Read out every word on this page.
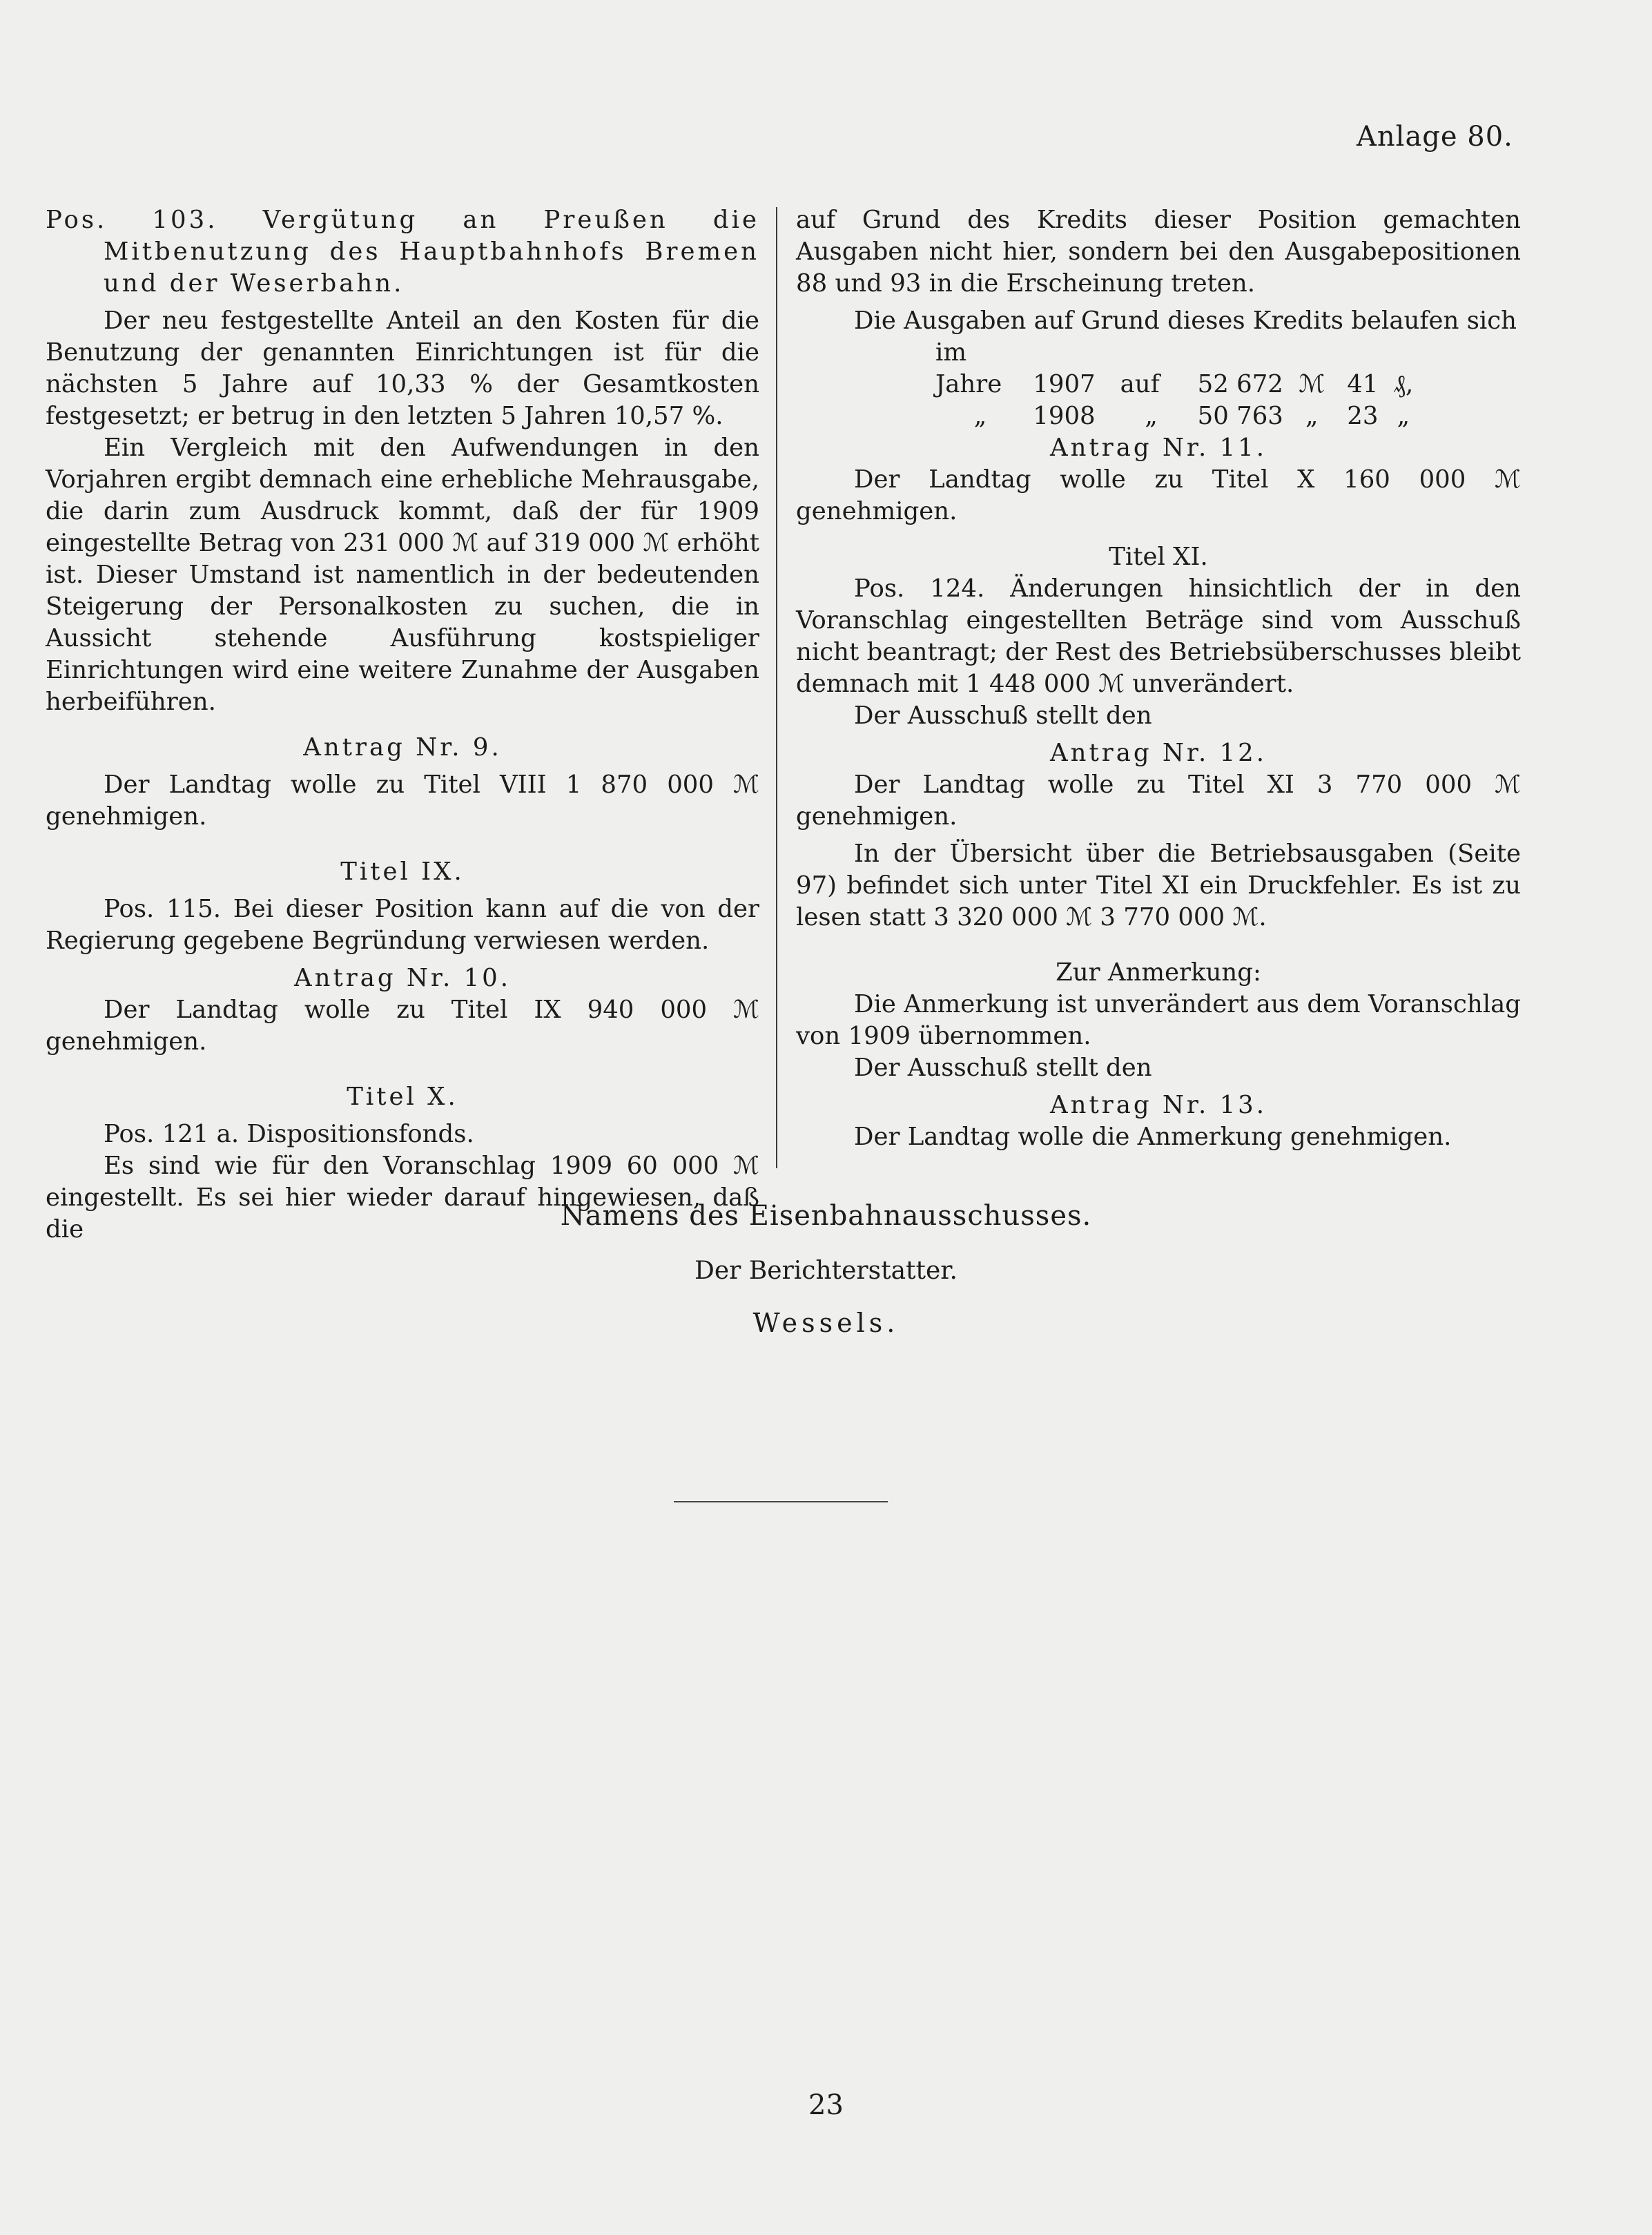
Anlage 80.

Pos. 103. Vergütung an Preußen die Mitbenutzung des Hauptbahnhofs Bremen und der Weserbahn.

Der neu festgestellte Anteil an den Kosten für die Benutzung der genannten Einrichtungen ist für die nächsten 5 Jahre auf 10,33 % der Gesamtkosten festgesetzt; er betrug in den letzten 5 Jahren 10,57 %.

Ein Vergleich mit den Aufwendungen in den Vorjahren ergibt demnach eine erhebliche Mehrausgabe, die darin zum Ausdruck kommt, daß der für 1909 eingestellte Betrag von 231 000 ℳ auf 319 000 ℳ erhöht ist. Dieser Umstand ist namentlich in der bedeutenden Steigerung der Personalkosten zu suchen, die in Aussicht stehende Ausführung kostspieliger Einrichtungen wird eine weitere Zunahme der Ausgaben herbeiführen.

Antrag Nr. 9.

Der Landtag wolle zu Titel VIII 1 870 000 ℳ genehmigen.

Titel IX.

Pos. 115. Bei dieser Position kann auf die von der Regierung gegebene Begründung verwiesen werden.

Antrag Nr. 10.

Der Landtag wolle zu Titel IX 940 000 ℳ genehmigen.

Titel X.

Pos. 121 a. Dispositionsfonds.

Es sind wie für den Voranschlag 1909 60 000 ℳ eingestellt. Es sei hier wieder darauf hingewiesen, daß die

auf Grund des Kredits dieser Position gemachten Ausgaben nicht hier, sondern bei den Ausgabepositionen 88 und 93 in die Erscheinung treten.

Die Ausgaben auf Grund dieses Kredits belaufen sich

im Jahre 1907 auf 52 672 ℳ 41 ₰,
„ 1908 „ 50 763 „ 23 „

Antrag Nr. 11.

Der Landtag wolle zu Titel X 160 000 ℳ genehmigen.

Titel XI.

Pos. 124. Änderungen hinsichtlich der in den Voranschlag eingestellten Beträge sind vom Ausschuß nicht beantragt; der Rest des Betriebsüberschusses bleibt demnach mit 1 448 000 ℳ unverändert.

Der Ausschuß stellt den

Antrag Nr. 12.

Der Landtag wolle zu Titel XI 3 770 000 ℳ genehmigen.

In der Übersicht über die Betriebsausgaben (Seite 97) befindet sich unter Titel XI ein Druckfehler. Es ist zu lesen statt 3 320 000 ℳ 3 770 000 ℳ.

Zur Anmerkung:

Die Anmerkung ist unverändert aus dem Voranschlag von 1909 übernommen.

Der Ausschuß stellt den

Antrag Nr. 13.

Der Landtag wolle die Anmerkung genehmigen.

Namens des Eisenbahnausschusses.
Der Berichterstatter.
Wessels.
23
